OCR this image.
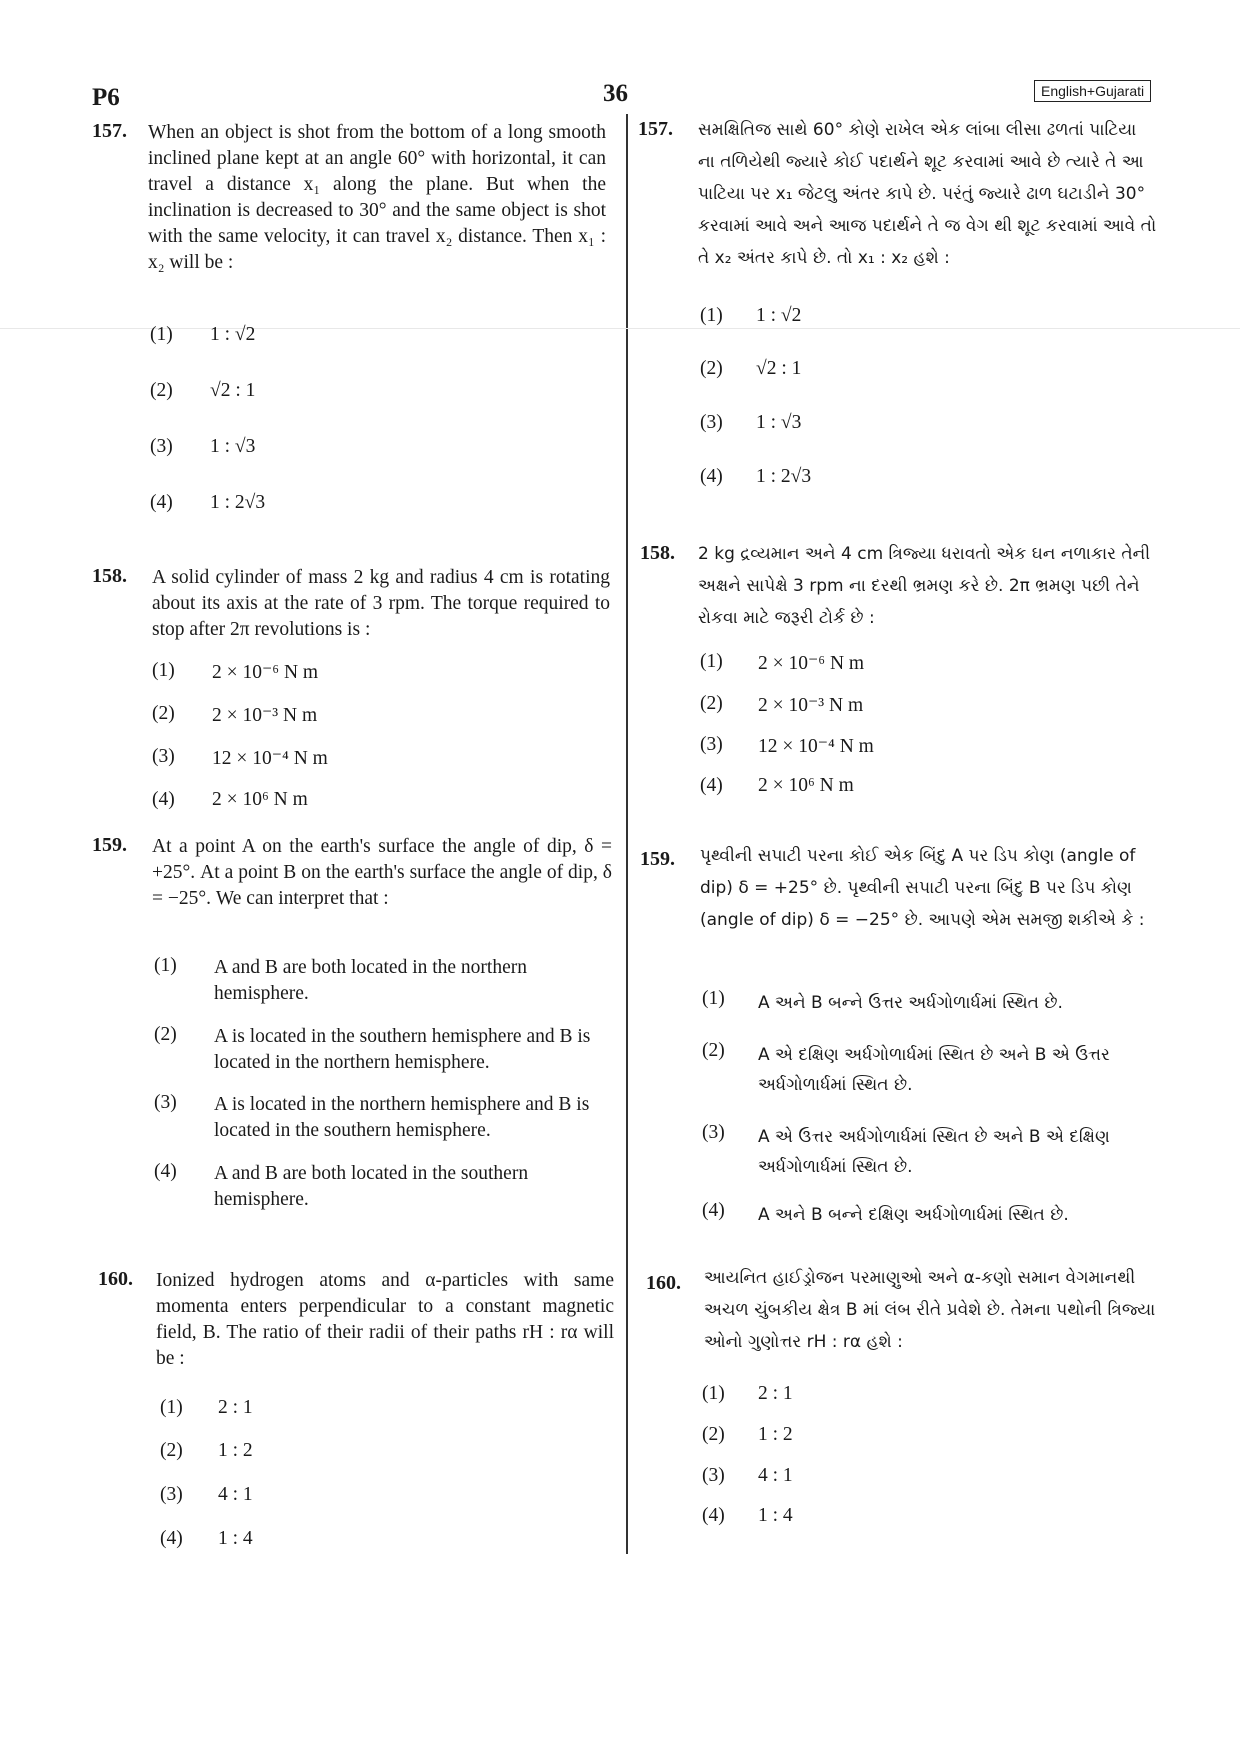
P6	36	English+Gujarati
157. When an object is shot from the bottom of a long smooth inclined plane kept at an angle 60° with horizontal, it can travel a distance x₁ along the plane. But when the inclination is decreased to 30° and the same object is shot with the same velocity, it can travel x₂ distance. Then x₁ : x₂ will be :
(1) 1 : √2
(2) √2 : 1
(3) 1 : √3
(4) 1 : 2√3
158. A solid cylinder of mass 2 kg and radius 4 cm is rotating about its axis at the rate of 3 rpm. The torque required to stop after 2π revolutions is :
(1) 2 × 10⁻⁶ N m
(2) 2 × 10⁻³ N m
(3) 12 × 10⁻⁴ N m
(4) 2 × 10⁶ N m
159. At a point A on the earth's surface the angle of dip, δ = +25°. At a point B on the earth's surface the angle of dip, δ = −25°. We can interpret that :
(1) A and B are both located in the northern hemisphere.
(2) A is located in the southern hemisphere and B is located in the northern hemisphere.
(3) A is located in the northern hemisphere and B is located in the southern hemisphere.
(4) A and B are both located in the southern hemisphere.
160. Ionized hydrogen atoms and α-particles with same momenta enters perpendicular to a constant magnetic field, B. The ratio of their radii of their paths rH : rα will be :
(1) 2 : 1
(2) 1 : 2
(3) 4 : 1
(4) 1 : 4
157. સમક્ષિતિજ સાથે 60° કોણે રાખેલ એક લાંબા લીસા ઢળતાં પાટિયા ના તળિયેથી જ્યારે કોઈ પદાર્થને શૂટ કરવામાં આવે છે ત્યારે તે આ પાટિયા પર x₁ જેટલુ અંતર કાપે છે. પરંતું જ્યારે ઢાળ ઘટાડીને 30° કરવામાં આવે અને આજ પદાર્થને તે જ વેગ થી શૂટ કરવામાં આવે તો તે x₂ અંતર કાપે છે. તો x₁ : x₂ હશે :
(1) 1 : √2
(2) √2 : 1
(3) 1 : √3
(4) 1 : 2√3
158. 2 kg દ્રવ્યમાન અને 4 cm ત્રિજ્યા ધરાવતો એક ઘન નળાકાર તેની અક્ષને સાપેક્ષે 3 rpm ના દરથી ભ્રમણ કરે છે. 2π ભ્રમણ પછી તેને રોકવા માટે જરૂરી ટોર્ક છે :
(1) 2 × 10⁻⁶ N m
(2) 2 × 10⁻³ N m
(3) 12 × 10⁻⁴ N m
(4) 2 × 10⁶ N m
159. પૃથ્વીની સપાટી પરના કોઈ એક બિંદુ A પર ડિપ કોણ (angle of dip) δ = +25° છે. પૃથ્વીની સપાટી પરના બિંદુ B પર ડિપ કોણ (angle of dip) δ = −25° છે. આપણે એમ સમજી શકીએ કે :
(1) A અને B બન્ને ઉત્તર અર્ધગોળાર્ધમાં સ્થિત છે.
(2) A એ દક્ષિણ અર્ધગોળાર્ધમાં સ્થિત છે અને B એ ઉત્તર અર્ધગોળાર્ધમાં સ્થિત છે.
(3) A એ ઉત્તર અર્ધગોળાર્ધમાં સ્થિત છે અને B એ દક્ષિણ અર્ધગોળાર્ધમાં સ્થિત છે.
(4) A અને B બન્ને દક્ષિણ અર્ધગોળાર્ધમાં સ્થિત છે.
160. આયનિત હાઈડ્રોજન પરમાણુઓ અને α-કણો સમાન વેગમાનથી અચળ ચુંબકીય ક્ષેત્ર B માં લંબ રીતે પ્રવેશે છે. તેમના પથોની ત્રિજ્યા ઓનો ગુણોત્તર rH : rα હશે :
(1) 2 : 1
(2) 1 : 2
(3) 4 : 1
(4) 1 : 4
